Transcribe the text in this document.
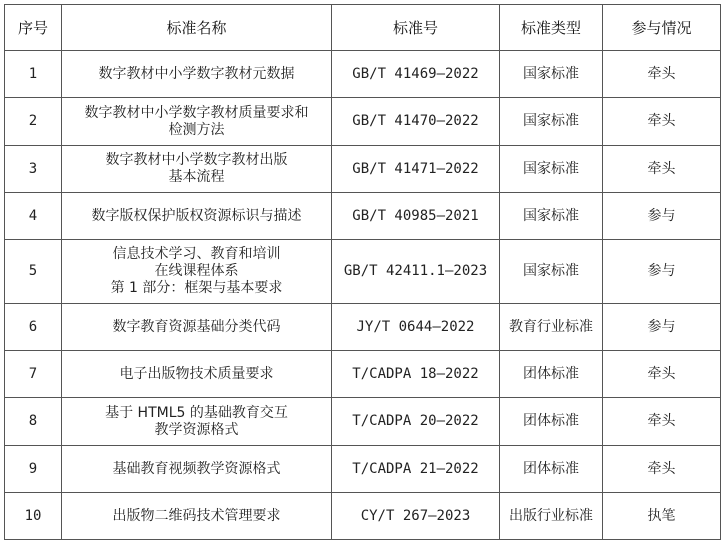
序号	标准名称	标准号	标准类型	参与情况
1	数字教材中小学数字教材元数据	GB/T 41469—2022	国家标准	牵头
2	数字教材中小学数字教材质量要求和
检测方法	GB/T 41470—2022	国家标准	牵头
3	数字教材中小学数字教材出版
基本流程	GB/T 41471—2022	国家标准	牵头
4	数字版权保护版权资源标识与描述	GB/T 40985—2021	国家标准	参与
5	信息技术学习、教育和培训
在线课程体系
第 1 部分：框架与基本要求	GB/T 42411.1—2023	国家标准	参与
6	数字教育资源基础分类代码	JY/T 0644—2022	教育行业标准	参与
7	电子出版物技术质量要求	T/CADPA 18—2022	团体标准	牵头
8	基于 HTML5 的基础教育交互
教学资源格式	T/CADPA 20—2022	团体标准	牵头
9	基础教育视频教学资源格式	T/CADPA 21—2022	团体标准	牵头
10	出版物二维码技术管理要求	CY/T 267—2023	出版行业标准	执笔
